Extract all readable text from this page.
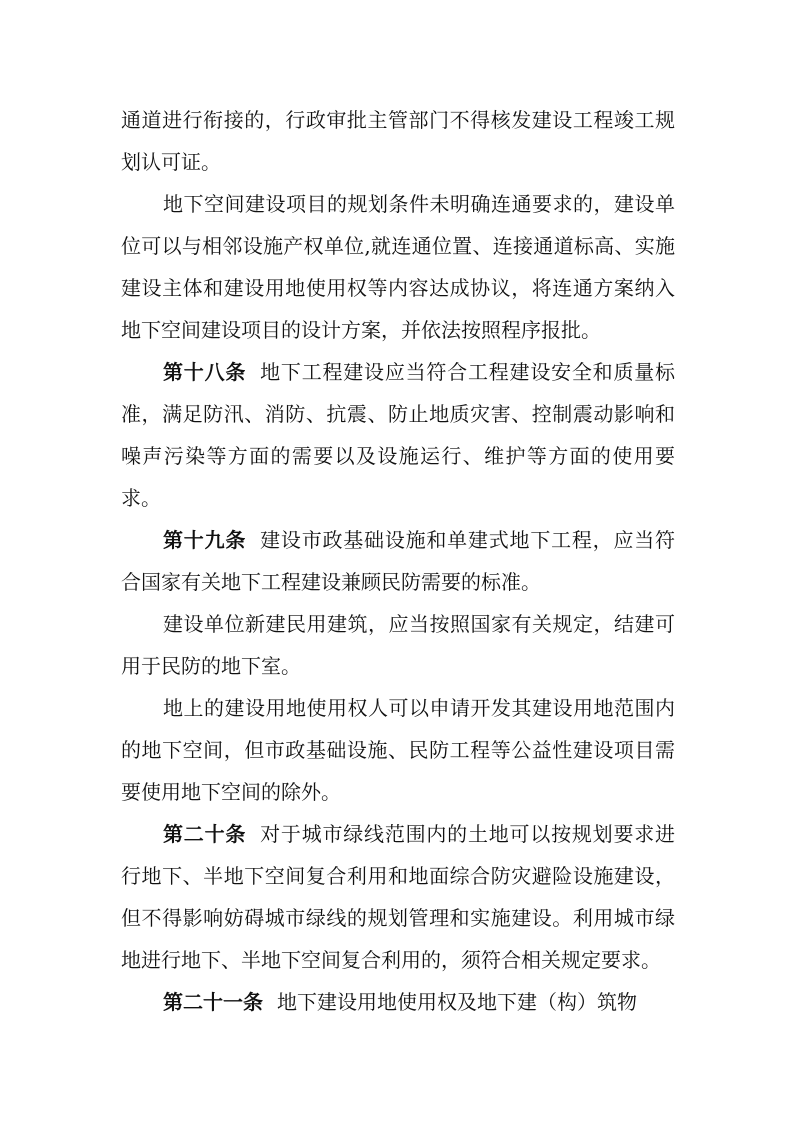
通道进行衔接的，行政审批主管部门不得核发建设工程竣工规划认可证。

地下空间建设项目的规划条件未明确连通要求的，建设单位可以与相邻设施产权单位,就连通位置、连接通道标高、实施建设主体和建设用地使用权等内容达成协议，将连通方案纳入地下空间建设项目的设计方案，并依法按照程序报批。

第十八条 地下工程建设应当符合工程建设安全和质量标准，满足防汛、消防、抗震、防止地质灾害、控制震动影响和噪声污染等方面的需要以及设施运行、维护等方面的使用要求。

第十九条 建设市政基础设施和单建式地下工程，应当符合国家有关地下工程建设兼顾民防需要的标准。

建设单位新建民用建筑，应当按照国家有关规定，结建可用于民防的地下室。

地上的建设用地使用权人可以申请开发其建设用地范围内的地下空间，但市政基础设施、民防工程等公益性建设项目需要使用地下空间的除外。

第二十条 对于城市绿线范围内的土地可以按规划要求进行地下、半地下空间复合利用和地面综合防灾避险设施建设，但不得影响妨碍城市绿线的规划管理和实施建设。利用城市绿地进行地下、半地下空间复合利用的，须符合相关规定要求。

第二十一条 地下建设用地使用权及地下建（构）筑物
